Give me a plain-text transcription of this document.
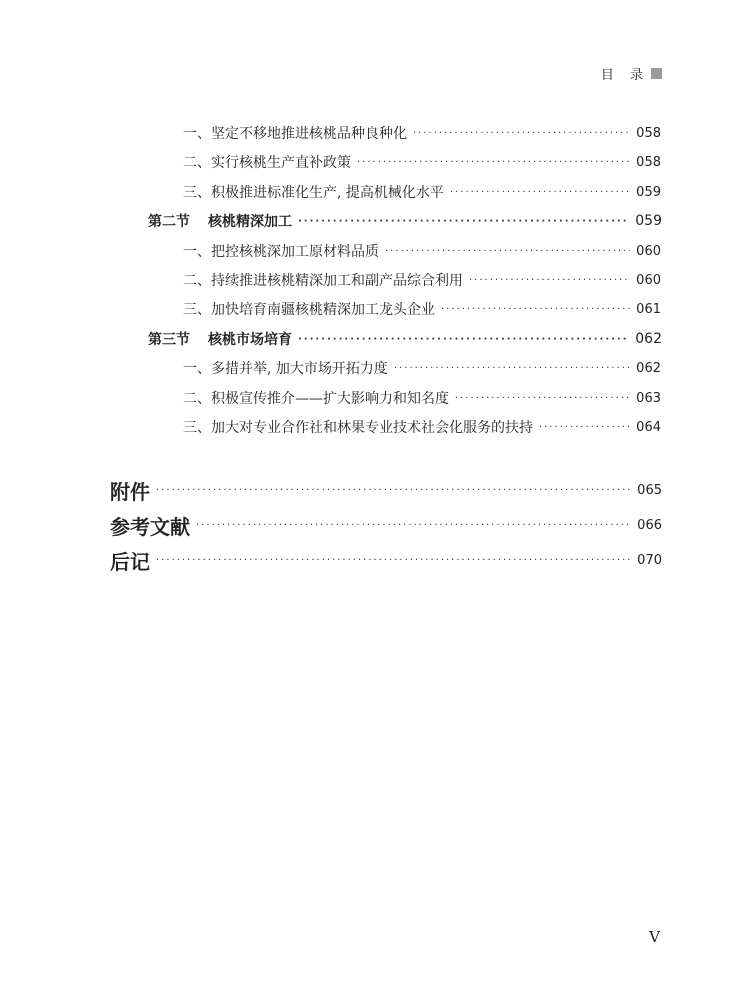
目 录
一、坚定不移地推进核桃品种良种化 ·····	058
二、实行核桃生产直补政策 ·····	058
三、积极推进标准化生产, 提高机械化水平 ·····	059
第二节 核桃精深加工 ·····	059
一、把控核桃深加工原材料品质 ·····	060
二、持续推进核桃精深加工和副产品综合利用 ·····	060
三、加快培育南疆核桃精深加工龙头企业 ·····	061
第三节 核桃市场培育 ·····	062
一、多措并举, 加大市场开拓力度 ·····	062
二、积极宣传推介——扩大影响力和知名度 ·····	063
三、加大对专业合作社和林果专业技术社会化服务的扶持 ·····	064
附件 ·····	065
参考文献 ·····	066
后记 ·····	070
V
